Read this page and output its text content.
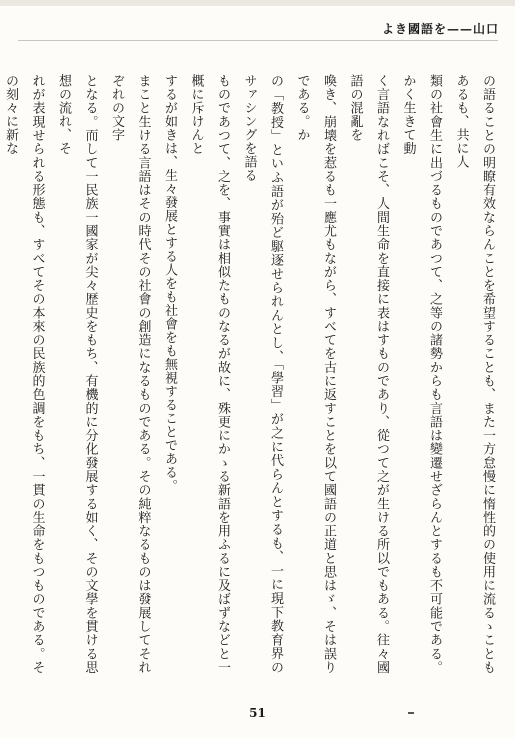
よき國語を——山口

の語ることの明瞭有效ならんことを希望することも、また一方怠慢に惰性的の使用に流るゝこともあるも、共に人

類の社會生に出づるものであつて、之等の諸勢からも言語は變遷せざらんとするも不可能である。かく生きて動

く言語なればこそ、人間生命を直接に表はすものであり、從つて之が生ける所以でもある。往々國語の混亂を

喚き、崩壊を惹るも一應尤もながら、すべてを古に返すことを以て國語の正道と思はゞ、そは誤りである。か

の「教授」といふ語が殆ど駆逐せられんとし、「學習」が之に代らんとするも、一に現下教育界のサァシングを語る

ものであつて、之を、事實は相似たものなるが故に、殊更にかゝる新語を用ふるに及ばずなどと一概に斥けんと

するが如きは、生々發展とする人をも社會をも無視することである。

まこと生ける言語はその時代その社會の創造になるものである。その純粹なるものは發展してそれぞれの文字

となる。而して一民族一國家が尖々歴史をもち、有機的に分化發展する如く、その文學を貫ける思想の流れ、そ

れが表現せられる形態も、すべてその本來の民族的色調をもち、一貫の生命をもつものである。その刻々に新な

51
